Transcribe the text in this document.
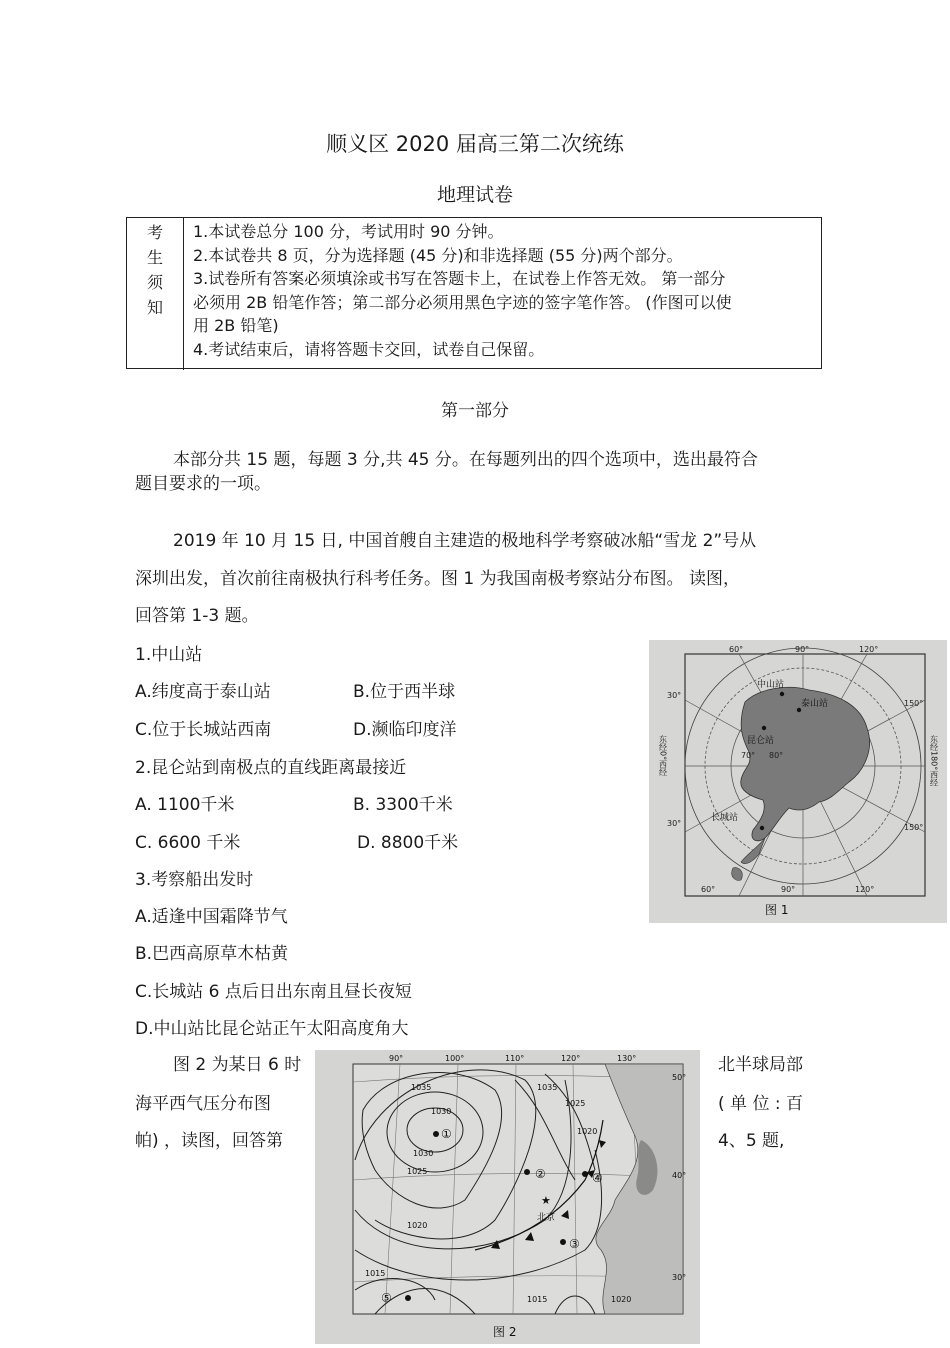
顺义区 2020 届高三第二次统练
地理试卷
考
生
须
知
1.本试卷总分 100 分，考试用时 90 分钟。
2.本试卷共 8 页，分为选择题 (45 分)和非选择题 (55 分)两个部分。
3.试卷所有答案必须填涂或书写在答题卡上，在试卷上作答无效。 第一部分
必须用 2B 铅笔作答；第二部分必须用黑色字迹的签字笔作答。 (作图可以使
用 2B 铅笔)
4.考试结束后，请将答题卡交回，试卷自己保留。
第一部分
本部分共 15 题，每题 3 分,共 45 分。在每题列出的四个选项中，选出最符合
题目要求的一项。
2019 年 10 月 15 日, 中国首艘自主建造的极地科学考察破冰船“雪龙 2”号从
深圳出发，首次前往南极执行科考任务。图 1 为我国南极考察站分布图。 读图，
回答第 1-3 题。
1.中山站
A.纬度高于泰山站	B.位于西半球
C.位于长城站西南	D.濒临印度洋
2.昆仑站到南极点的直线距离最接近
A. 1100千米	B. 3300千米
C. 6600 千米	D. 8800千米
3.考察船出发时
A.适逢中国霜降节气
B.巴西高原草木枯黄
C.长城站 6 点后日出东南且昼长夜短
D.中山站比昆仑站正午太阳高度角大
中山站
泰山站
昆仑站
长城站
60°	90°	120°
60°	90°	120°
30°
150°
30°	150°
70° 80°
东经0°西经	东经180°西经
图 1
图 2 为某日 6 时	北半球局部
海平西气压分布图	( 单 位 : 百
帕) ，读图，回答第	4、5 题,
1035	1035
1030
1025
1020
1020
1015
1015	1020
1025
1030
90°	100°	110°	120°	130°
50°
40°
30°
①
②
③
④
⑤
★
北京
图 2
